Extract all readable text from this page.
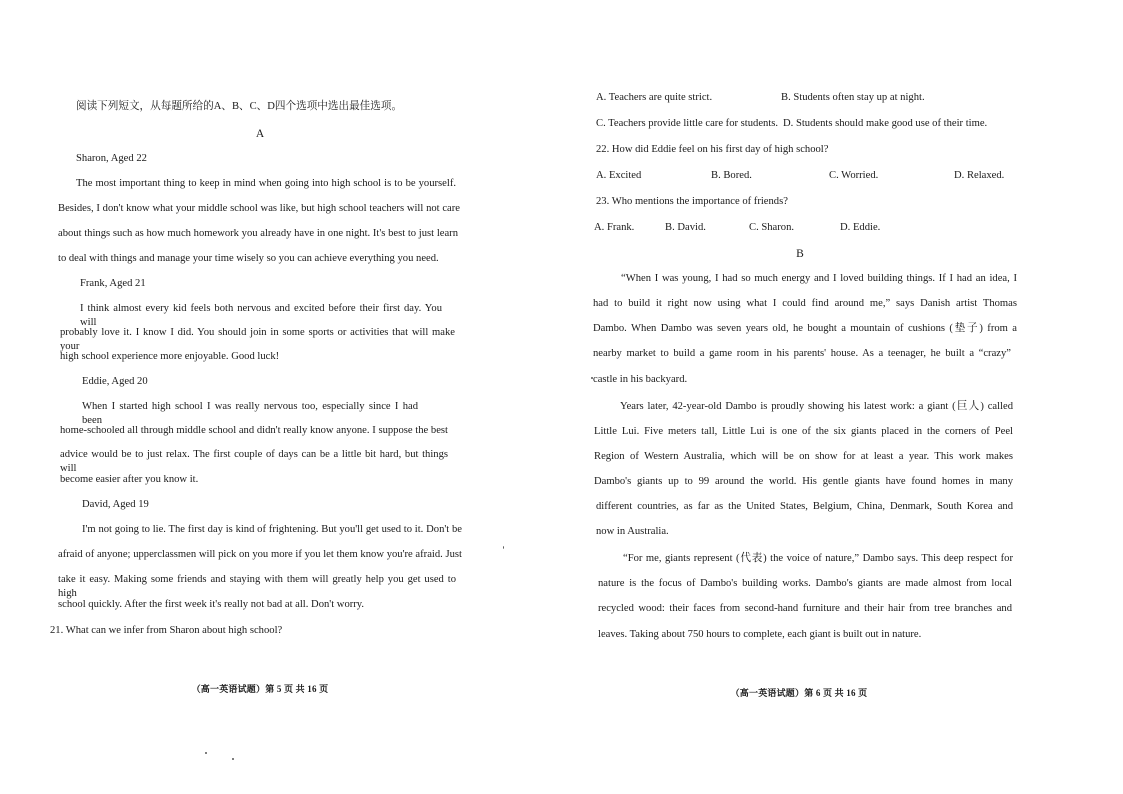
阅读下列短文，从每题所给的A、B、C、D四个选项中选出最佳选项。

A

Sharon, Aged 22

The most important thing to keep in mind when going into high school is to be yourself.

Besides, I don't know what your middle school was like, but high school teachers will not care

about things such as how much homework you already have in one night. It's best to just learn

to deal with things and manage your time wisely so you can achieve everything you need.

Frank, Aged 21

I think almost every kid feels both nervous and excited before their first day. You will

probably love it. I know I did. You should join in some sports or activities that will make your

high school experience more enjoyable. Good luck!

Eddie, Aged 20

When I started high school I was really nervous too, especially since I had been

home-schooled all through middle school and didn't really know anyone. I suppose the best

advice would be to just relax. The first couple of days can be a little bit hard, but things will

become easier after you know it.

David, Aged 19

I'm not going to lie. The first day is kind of frightening. But you'll get used to it. Don't be

afraid of anyone; upperclassmen will pick on you more if you let them know you're afraid. Just

take it easy. Making some friends and staying with them will greatly help you get used to high

school quickly. After the first week it's really not bad at all. Don't worry.

21. What can we infer from Sharon about high school?

（高一英语试题）第 5 页 共 16 页

A. Teachers are quite strict.	B. Students often stay up at night.

C. Teachers provide little care for students. D. Students should make good use of their time.

22. How did Eddie feel on his first day of high school?

A. Excited	B. Bored.	C. Worried.	D. Relaxed.

23. Who mentions the importance of friends?

A. Frank.	B. David.	C. Sharon.	D. Eddie.

B

“When I was young, I had so much energy and I loved building things. If I had an idea, I

had to build it right now using what I could find around me,” says Danish artist Thomas

Dambo. When Dambo was seven years old, he bought a mountain of cushions (垫子) from a

nearby market to build a game room in his parents' house. As a teenager, he built a “crazy”

castle in his backyard.

Years later, 42-year-old Dambo is proudly showing his latest work: a giant (巨人) called

Little Lui. Five meters tall, Little Lui is one of the six giants placed in the corners of Peel

Region of Western Australia, which will be on show for at least a year. This work makes

Dambo's giants up to 99 around the world. His gentle giants have found homes in many

different countries, as far as the United States, Belgium, China, Denmark, South Korea and

now in Australia.

“For me, giants represent (代表) the voice of nature,” Dambo says. This deep respect for

nature is the focus of Dambo's building works. Dambo's giants are made almost from local

recycled wood: their faces from second-hand furniture and their hair from tree branches and

leaves. Taking about 750 hours to complete, each giant is built out in nature.

（高一英语试题）第 6 页 共 16 页
